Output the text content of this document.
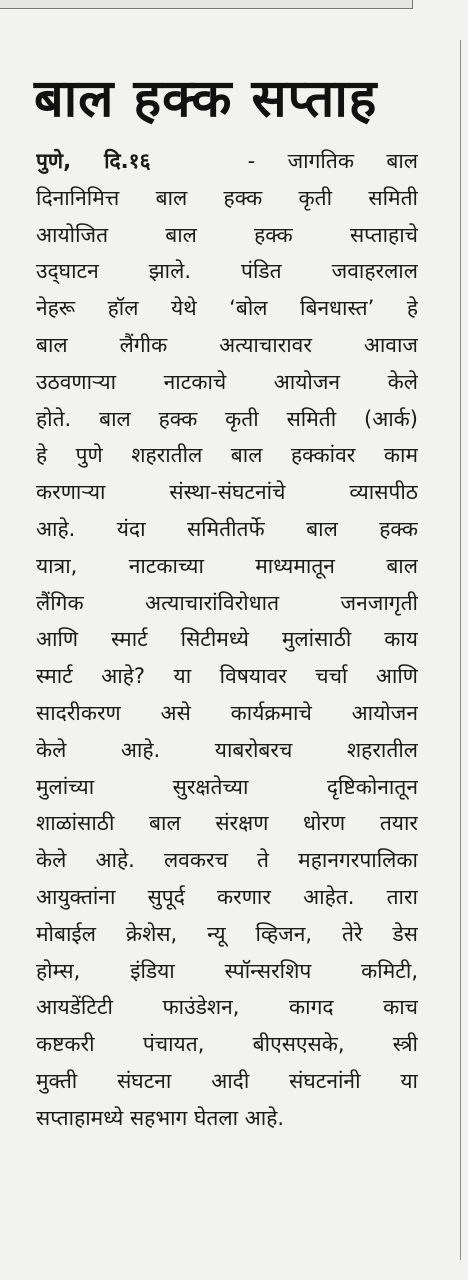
बाल हक्क सप्ताह
पुणे, दि.१६	- जागतिक बाल
दिनानिमित्त बाल हक्क कृती समिती
आयोजित बाल हक्क सप्ताहाचे
उद्‌घाटन झाले. पंडित जवाहरलाल
नेहरू हॉल येथे ‘बोल बिनधास्त’ हे
बाल लैंगीक अत्याचारावर आवाज
उठवणाऱ्या नाटकाचे आयोजन केले
होते. बाल हक्क कृती समिती (आर्क)
हे पुणे शहरातील बाल हक्कांवर काम
करणाऱ्या संस्था-संघटनांचे व्यासपीठ
आहे. यंदा समितीतर्फे बाल हक्क
यात्रा, नाटकाच्या माध्यमातून बाल
लैंगिक अत्याचारांविरोधात जनजागृती
आणि स्मार्ट सिटीमध्ये मुलांसाठी काय
स्मार्ट आहे? या विषयावर चर्चा आणि
सादरीकरण असे कार्यक्रमाचे आयोजन
केले आहे. याबरोबरच शहरातील
मुलांच्या सुरक्षतेच्या दृष्टिकोनातून
शाळांसाठी बाल संरक्षण धोरण तयार
केले आहे. लवकरच ते महानगरपालिका
आयुक्तांना सुपूर्द करणार आहेत. तारा
मोबाईल क्रेशेस, न्यू व्हिजन, तेरे डेस
होम्स, इंडिया स्पॉन्सरशिप कमिटी,
आयडेंटिटी फाउंडेशन, कागद काच
कष्टकरी पंचायत, बीएसएसके, स्त्री
मुक्ती संघटना आदी संघटनांनी या
सप्ताहामध्ये सहभाग घेतला आहे.
